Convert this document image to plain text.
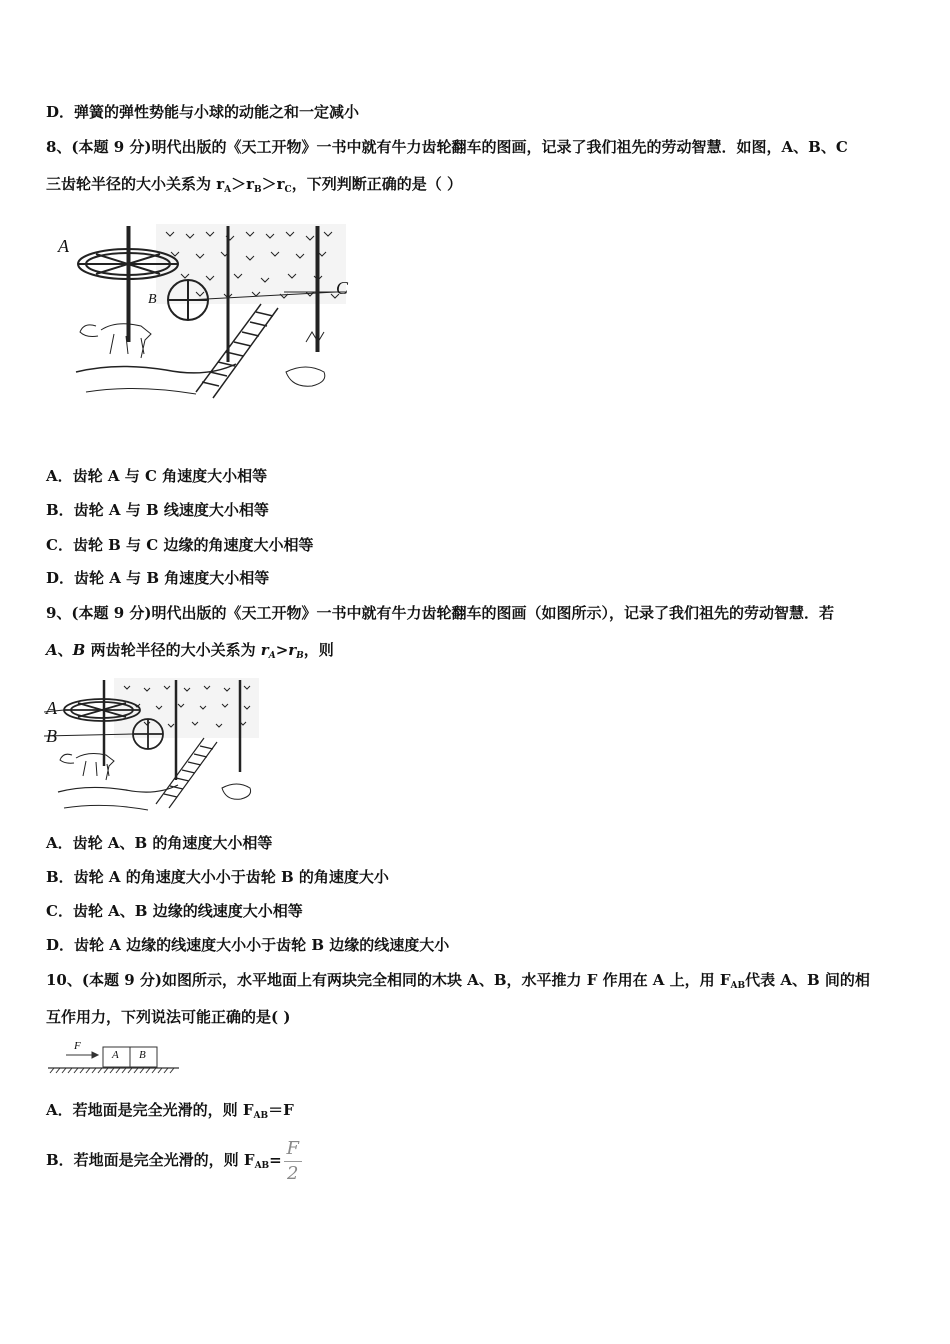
D．弹簧的弹性势能与小球的动能之和一定减小
8、(本题 9 分)明代出版的《天工开物》一书中就有牛力齿轮翻车的图画，记录了我们祖先的劳动智慧．如图，A、B、C
三齿轮半径的大小关系为 $r_A>r_B>r_C$，下列判断正确的是（ ）
A
B
C
A．齿轮 A 与 C 角速度大小相等
B．齿轮 A 与 B 线速度大小相等
C．齿轮 B 与 C 边缘的角速度大小相等
D．齿轮 A 与 B 角速度大小相等
9、(本题 9 分)明代出版的《天工开物》一书中就有牛力齿轮翻车的图画（如图所示），记录了我们祖先的劳动智慧．若
A、B 两齿轮半径的大小关系为 $r_A>r_B$，则
A
B
A．齿轮 A、B 的角速度大小相等
B．齿轮 A 的角速度大小小于齿轮 B 的角速度大小
C．齿轮 A、B 边缘的线速度大小相等
D．齿轮 A 边缘的线速度大小小于齿轮 B 边缘的线速度大小
10、(本题 9 分)如图所示，水平地面上有两块完全相同的木块 A、B，水平推力 F 作用在 A 上，用 $F_{AB}$代表 A、B 间的相
互作用力，下列说法可能正确的是( )
F
A B
A．若地面是完全光滑的，则 $F_{AB}=F$
B．若地面是完全光滑的，则 $F_{AB}= \frac{F}{2}$
